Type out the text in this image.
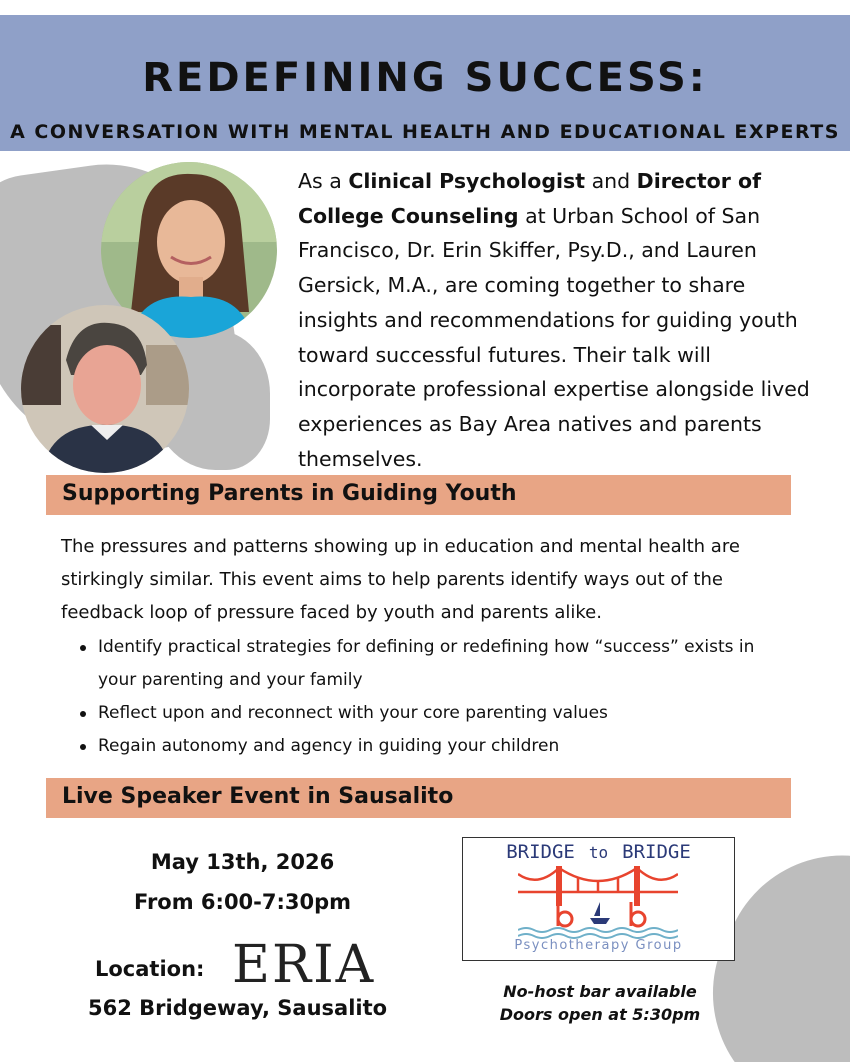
REDEFINING SUCCESS:
A CONVERSATION WITH MENTAL HEALTH AND EDUCATIONAL EXPERTS
As a Clinical Psychologist and Director of College Counseling at Urban School of San Francisco, Dr. Erin Skiffer, Psy.D., and Lauren Gersick, M.A., are coming together to share insights and recommendations for guiding youth toward successful futures. Their talk will incorporate professional expertise alongside lived experiences as Bay Area natives and parents themselves.
Supporting Parents in Guiding Youth
The pressures and patterns showing up in education and mental health are stirkingly similar. This event aims to help parents identify ways out of the feedback loop of pressure faced by youth and parents alike.
Identify practical strategies for defining or redefining how “success” exists in your parenting and your family
Reflect upon and reconnect with your core parenting values
Regain autonomy and agency in guiding your children
Live Speaker Event in Sausalito
May 13th, 2026
From 6:00-7:30pm
Location: ERIA
562 Bridgeway, Sausalito
BRIDGE to BRIDGE
Psychotherapy Group
No-host bar available
Doors open at 5:30pm
